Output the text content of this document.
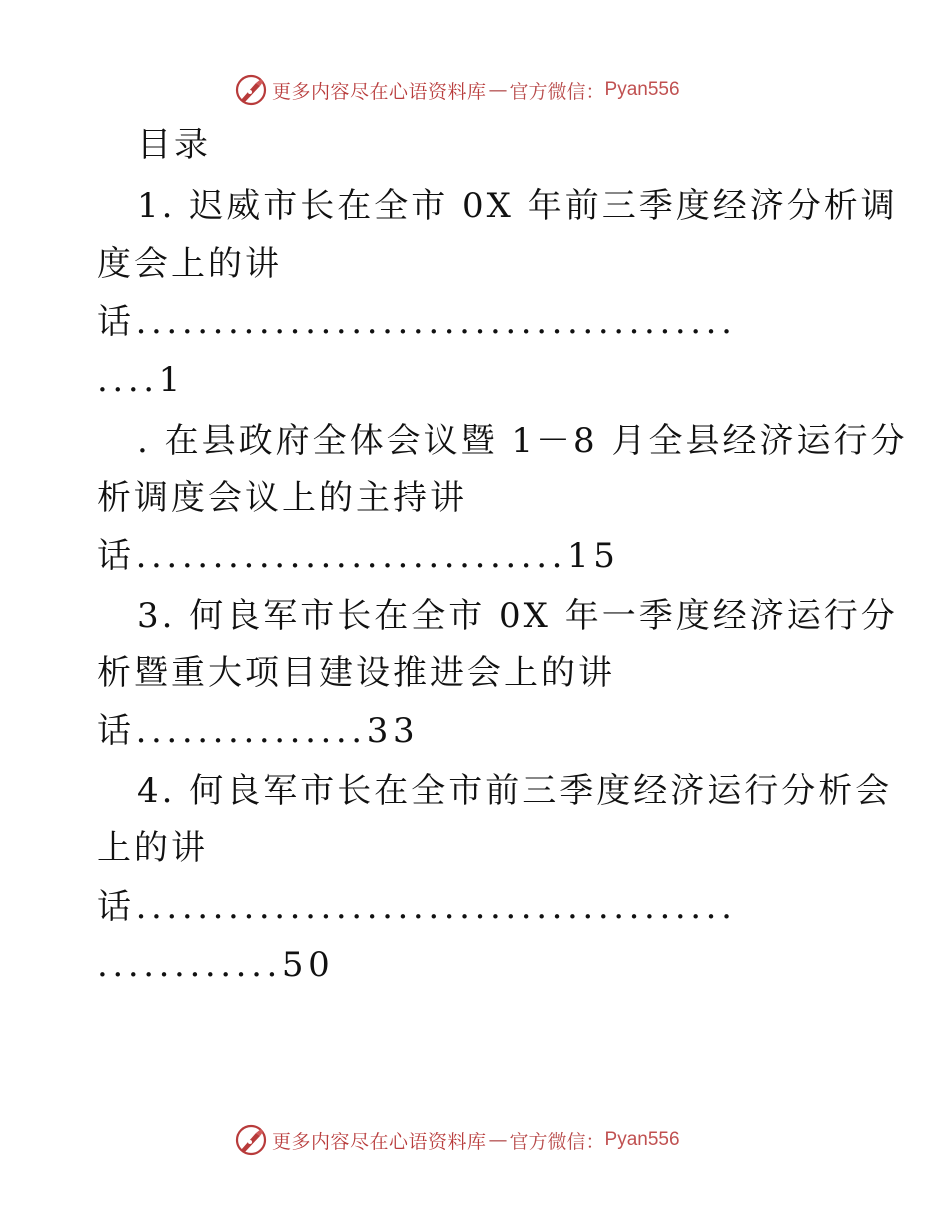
更多内容尽在心语资料库 — 官方微信： Pyan556
目录
1. 迟威市长在全市 0X 年前三季度经济分析调
度会上的讲
话.......................................
....1
. 在县政府全体会议暨 1－8 月全县经济运行分
析调度会议上的主持讲
话............................15
3. 何良军市长在全市 0X 年一季度经济运行分
析暨重大项目建设推进会上的讲
话...............33
4. 何良军市长在全市前三季度经济运行分析会
上的讲
话.......................................
............50
更多内容尽在心语资料库 — 官方微信： Pyan556
